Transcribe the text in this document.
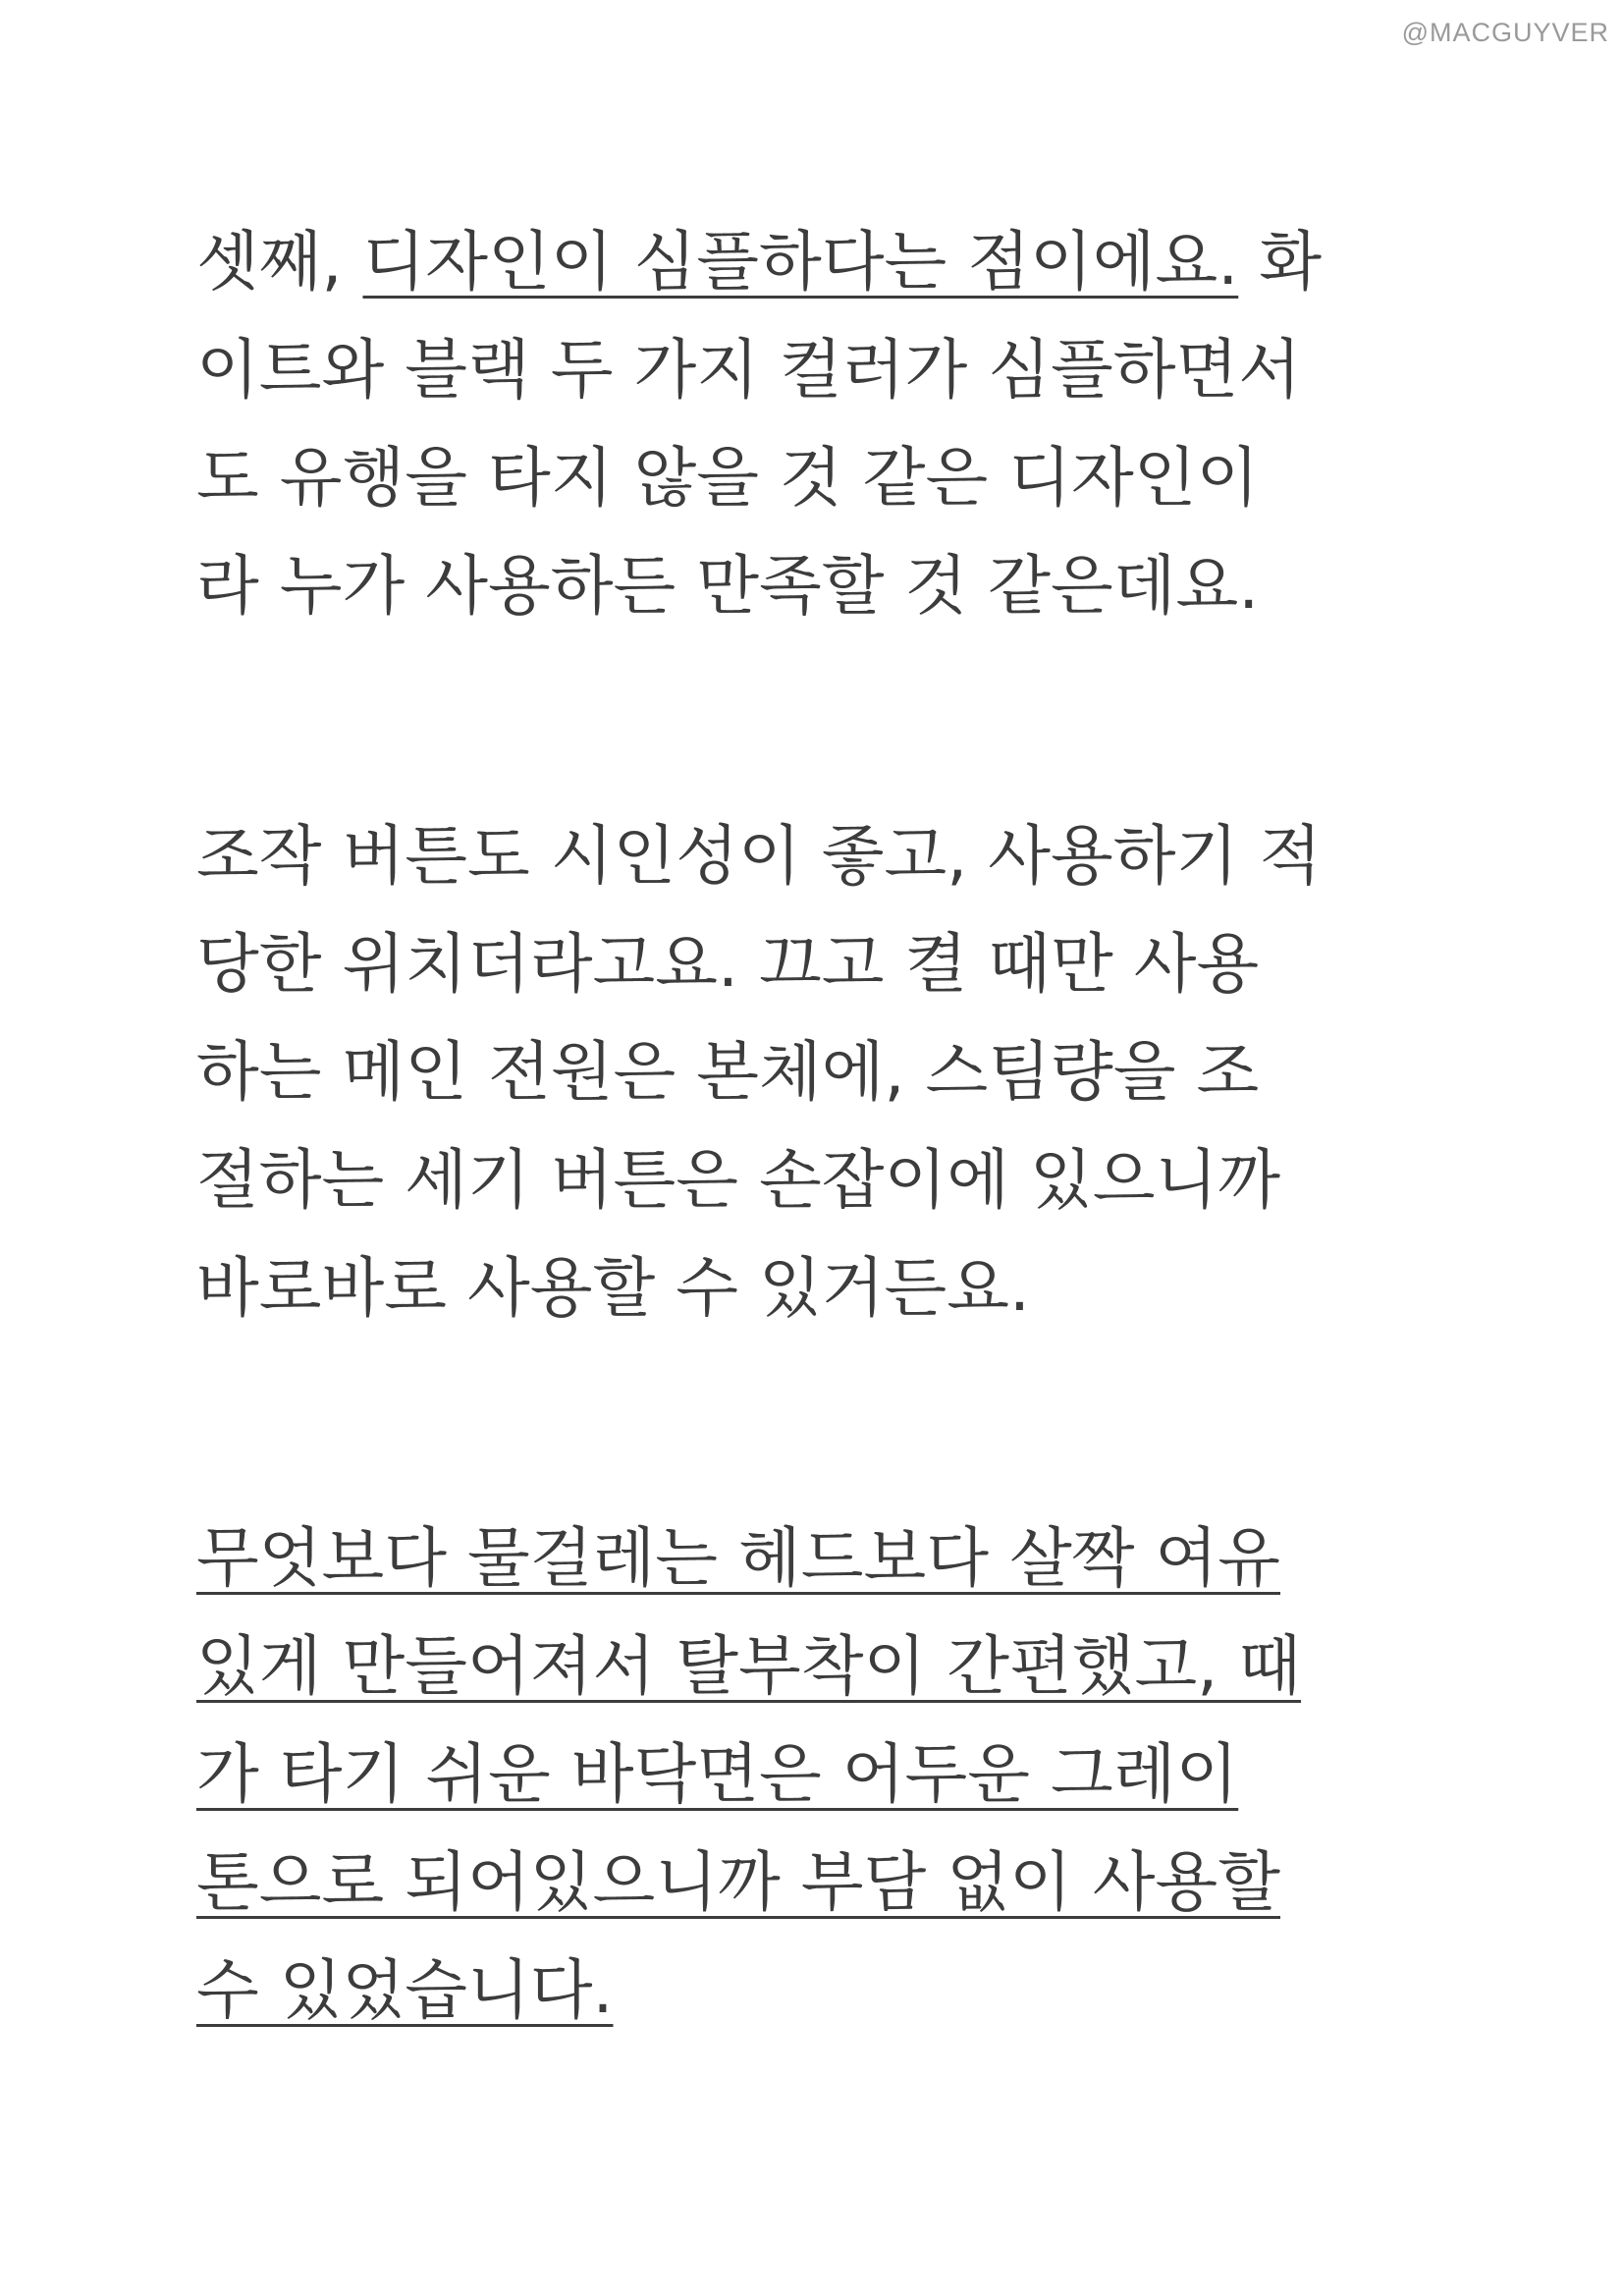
@MACGUYVER
셋째, 디자인이 심플하다는 점이에요. 화
이트와 블랙 두 가지 컬러가 심플하면서
도 유행을 타지 않을 것 같은 디자인이
라 누가 사용하든 만족할 것 같은데요.
조작 버튼도 시인성이 좋고, 사용하기 적
당한 위치더라고요. 끄고 켤 때만 사용
하는 메인 전원은 본체에, 스팀량을 조
절하는 세기 버튼은 손잡이에 있으니까
바로바로 사용할 수 있거든요.
무엇보다 물걸레는 헤드보다 살짝 여유
있게 만들어져서 탈부착이 간편했고, 때
가 타기 쉬운 바닥면은 어두운 그레이
톤으로 되어있으니까 부담 없이 사용할
수 있었습니다.
